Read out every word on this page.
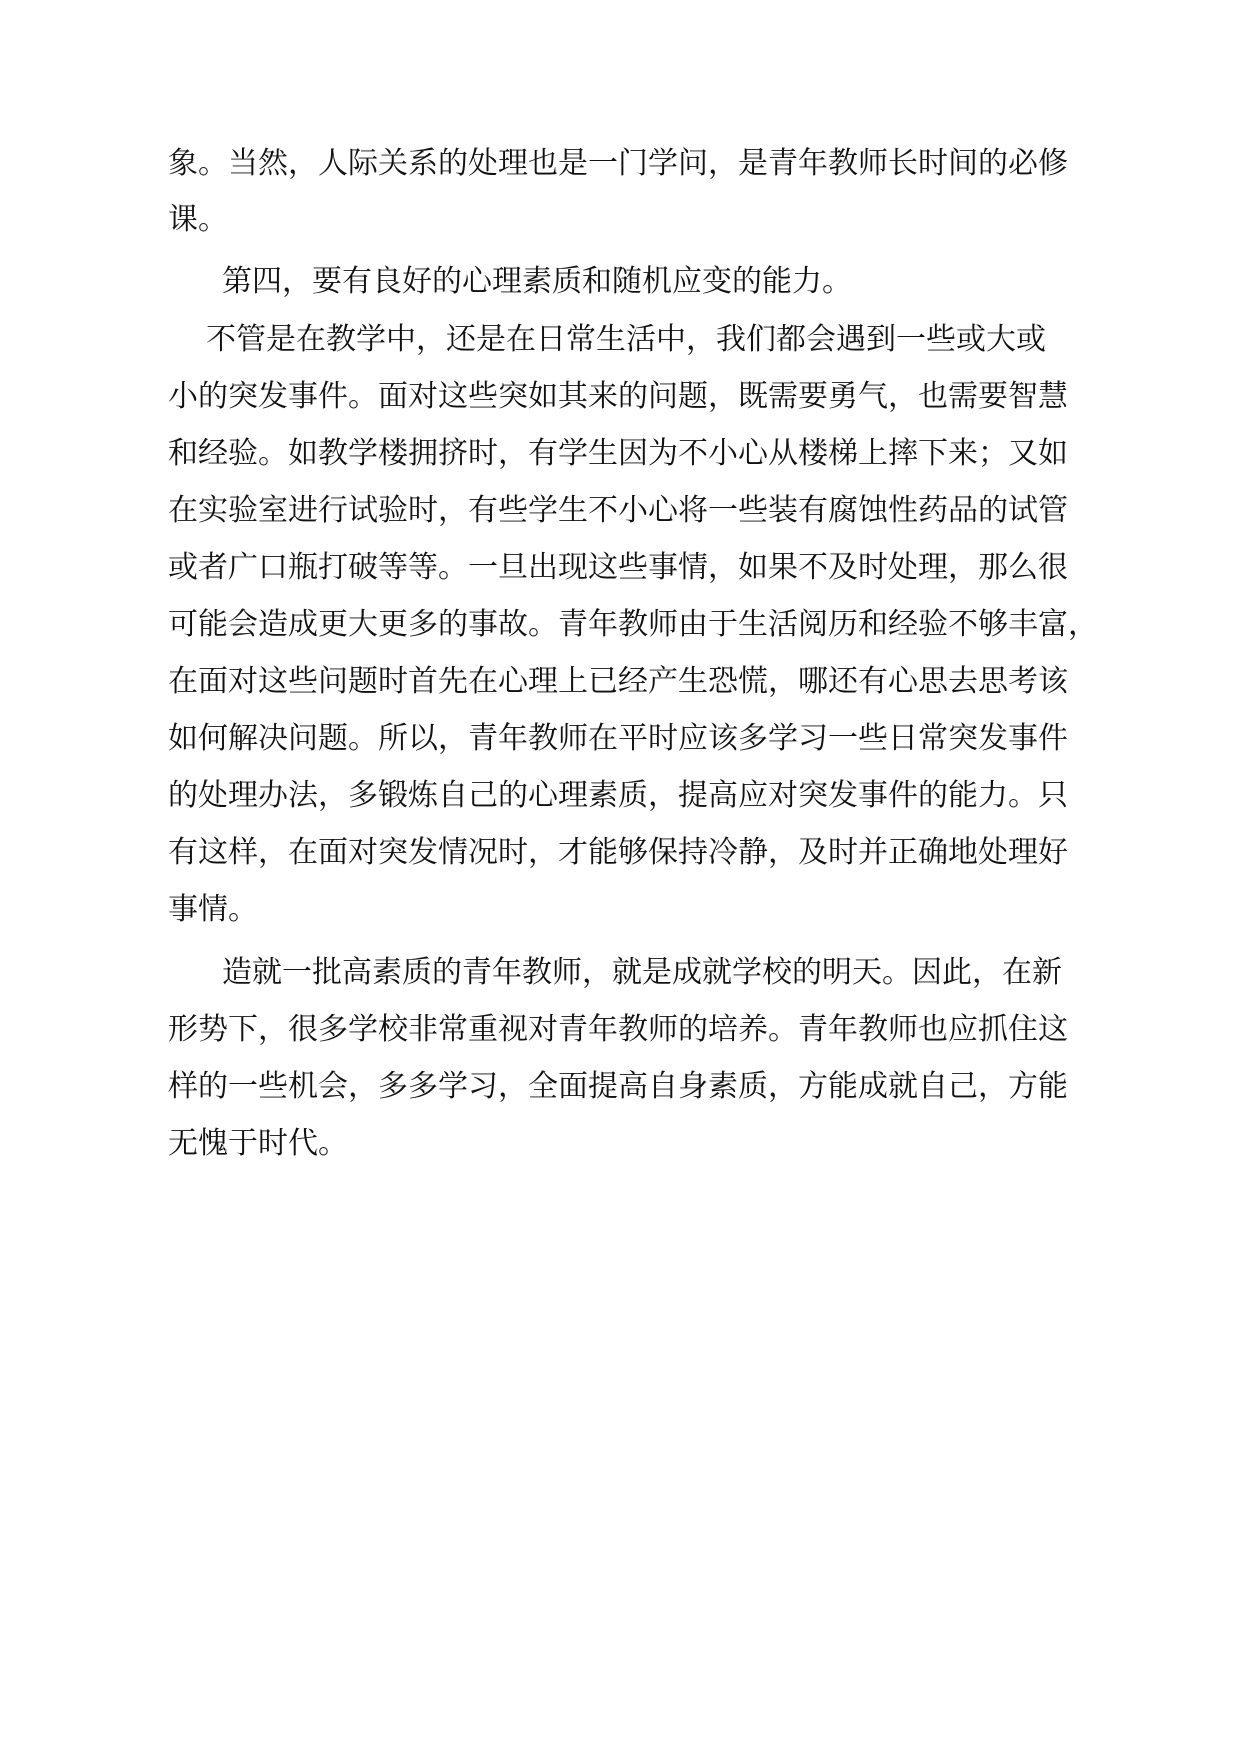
象。当然，人际关系的处理也是一门学问，是青年教师长时间的必修

课。

第四，要有良好的心理素质和随机应变的能力。

不管是在教学中，还是在日常生活中，我们都会遇到一些或大或

小的突发事件。面对这些突如其来的问题，既需要勇气，也需要智慧

和经验。如教学楼拥挤时，有学生因为不小心从楼梯上摔下来；又如

在实验室进行试验时，有些学生不小心将一些装有腐蚀性药品的试管

或者广口瓶打破等等。一旦出现这些事情，如果不及时处理，那么很

可能会造成更大更多的事故。青年教师由于生活阅历和经验不够丰富，

在面对这些问题时首先在心理上已经产生恐慌，哪还有心思去思考该

如何解决问题。所以，青年教师在平时应该多学习一些日常突发事件

的处理办法，多锻炼自己的心理素质，提高应对突发事件的能力。只

有这样，在面对突发情况时，才能够保持冷静，及时并正确地处理好

事情。

造就一批高素质的青年教师，就是成就学校的明天。因此，在新

形势下，很多学校非常重视对青年教师的培养。青年教师也应抓住这

样的一些机会，多多学习，全面提高自身素质，方能成就自己，方能

无愧于时代。
